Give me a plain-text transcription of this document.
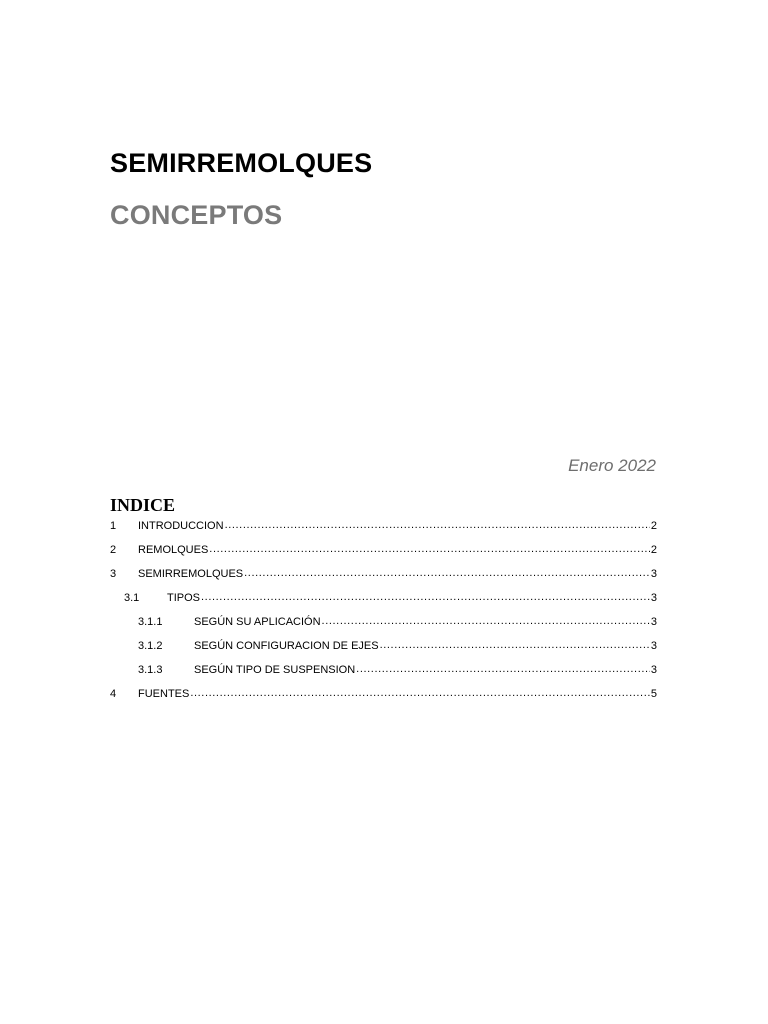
SEMIRREMOLQUES
CONCEPTOS
Enero 2022
INDICE
1	INTRODUCCION .....	2
2	REMOLQUES .....	2
3	SEMIRREMOLQUES .....	3
3.1	TIPOS .....	3
3.1.1	SEGÚN SU APLICACIÓN .....	3
3.1.2	SEGÚN CONFIGURACION DE EJES .....	3
3.1.3	SEGÚN TIPO DE SUSPENSION .....	3
4	FUENTES .....	5
